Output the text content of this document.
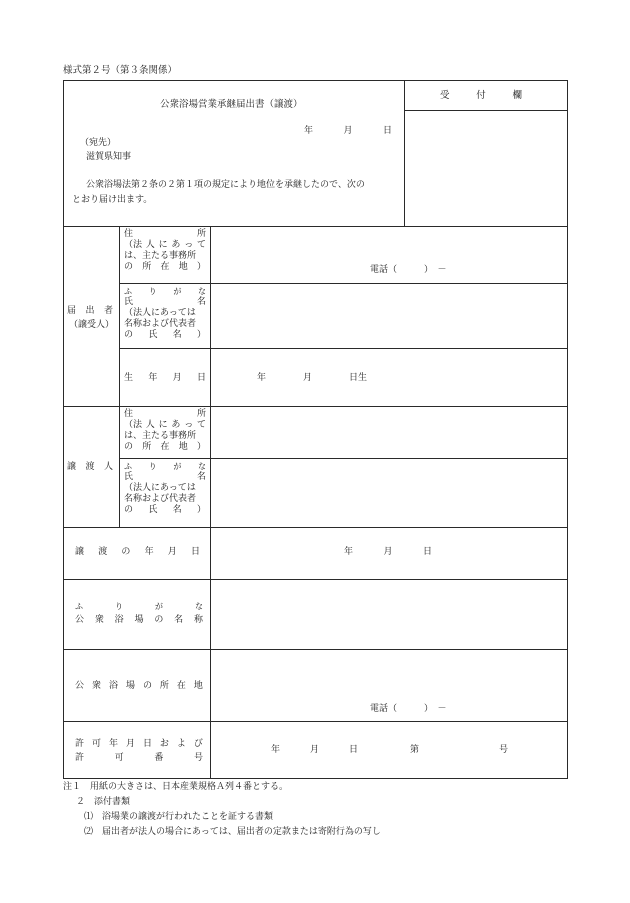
様式第２号（第３条関係）
公衆浴場営業承継届出書（譲渡）
受	付	欄
年	月	日
（宛先）
滋賀県知事
公衆浴場法第２条の２第１項の規定により地位を承継したので、次の
とおり届け出ます。
届 出 者
（譲受人）
住	所
（法 人 に あ っ て
は、主たる事務所
の 所 在 地 ）	電話（　　　）　－
ふ り が な
氏	名
（法人にあっては
名称および代表者
の 氏 名 ）
生 年 月 日	年	月	日生
譲 渡 人
住	所
（法 人 に あ っ て
は、主たる事務所
の 所 在 地 ）
ふ り が な
氏	名
（法人にあっては
名称および代表者
の 氏 名 ）
譲 渡 の 年 月 日	年	月	日
ふ	り	が	な
公 衆 浴 場 の 名 称
公 衆 浴 場 の 所 在 地
電話（　　　）　－
許 可 年 月 日 お よ び
許	可	番	号
年	月	日	第	号
注１　用紙の大きさは、日本産業規格Ａ列４番とする。
２　添付書類
⑴　浴場業の譲渡が行われたことを証する書類
⑵　届出者が法人の場合にあっては、届出者の定款または寄附行為の写し
